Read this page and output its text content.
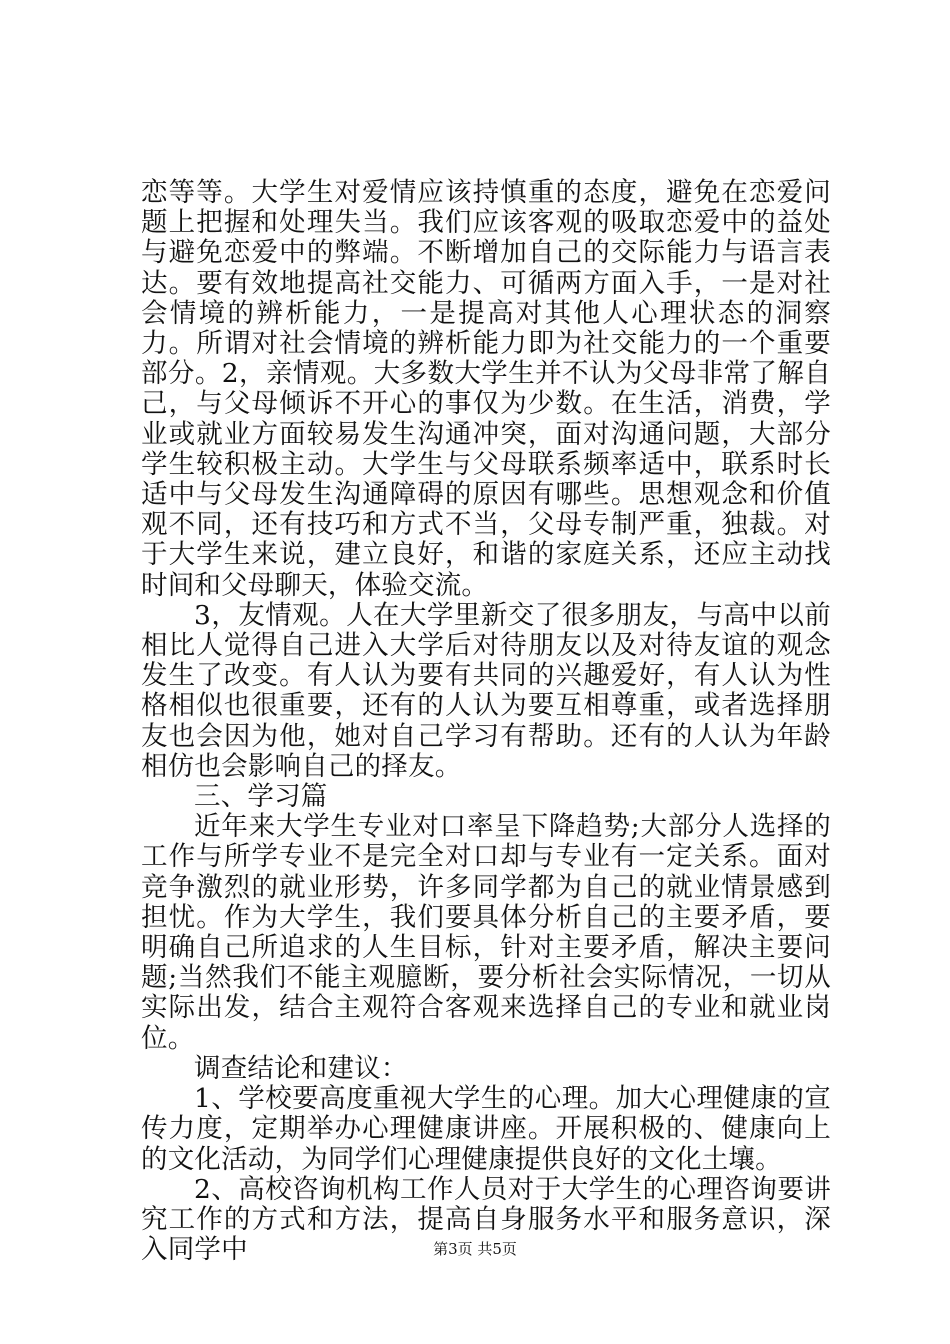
恋等等。大学生对爱情应该持慎重的态度，避免在恋爱问题上把握和处理失当。我们应该客观的吸取恋爱中的益处与避免恋爱中的弊端。不断增加自己的交际能力与语言表达。要有效地提高社交能力、可循两方面入手，一是对社会情境的辨析能力，一是提高对其他人心理状态的洞察力。所谓对社会情境的辨析能力即为社交能力的一个重要部分。2，亲情观。大多数大学生并不认为父母非常了解自己，与父母倾诉不开心的事仅为少数。在生活，消费，学业或就业方面较易发生沟通冲突，面对沟通问题，大部分学生较积极主动。大学生与父母联系频率适中，联系时长适中与父母发生沟通障碍的原因有哪些。思想观念和价值观不同，还有技巧和方式不当，父母专制严重，独裁。对于大学生来说，建立良好，和谐的家庭关系，还应主动找时间和父母聊天，体验交流。

3，友情观。人在大学里新交了很多朋友，与高中以前相比人觉得自己进入大学后对待朋友以及对待友谊的观念发生了改变。有人认为要有共同的兴趣爱好，有人认为性格相似也很重要，还有的人认为要互相尊重，或者选择朋友也会因为他，她对自己学习有帮助。还有的人认为年龄相仿也会影响自己的择友。

三、学习篇

近年来大学生专业对口率呈下降趋势;大部分人选择的工作与所学专业不是完全对口却与专业有一定关系。面对竞争激烈的就业形势，许多同学都为自己的就业情景感到担忧。作为大学生，我们要具体分析自己的主要矛盾，要明确自己所追求的人生目标，针对主要矛盾，解决主要问题;当然我们不能主观臆断，要分析社会实际情况，一切从实际出发，结合主观符合客观来选择自己的专业和就业岗位。

调查结论和建议：

1、学校要高度重视大学生的心理。加大心理健康的宣传力度，定期举办心理健康讲座。开展积极的、健康向上的文化活动，为同学们心理健康提供良好的文化土壤。

2、高校咨询机构工作人员对于大学生的心理咨询要讲究工作的方式和方法，提高自身服务水平和服务意识，深入同学中	第3页 共5页
